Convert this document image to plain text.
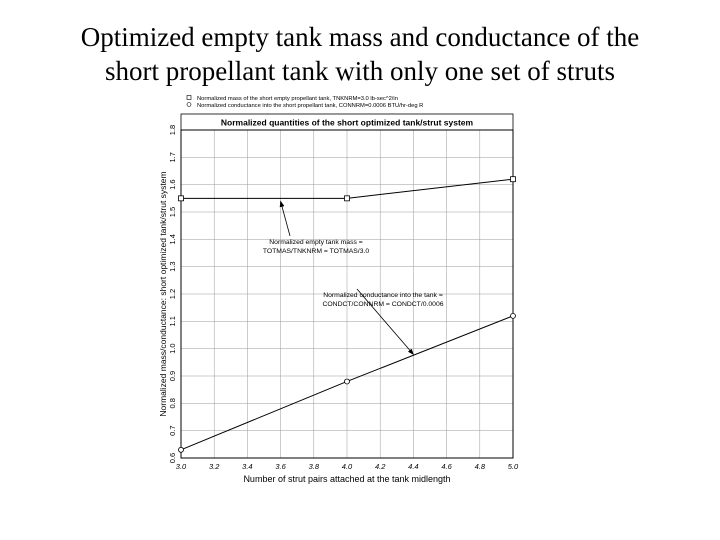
Optimized empty tank mass and conductance of the
short propellant tank with only one set of struts
Normalized mass of the short empty propellant tank, TNKNRM=3.0 lb-sec^2/in
Normalized conductance into the short propellant tank, CONNRM=0.0006 BTU/hr-deg R
Normalized quantities of the short optimized tank/strut system
0.6
0.7
0.8
0.9
1.0
1.1
1.2
1.3
1.4
1.5
1.6
1.7
1.8
3.0	3.2	3.4	3.6	3.8	4.0	4.2	4.4	4.6	4.8	5.0
Normalized empty tank mass =
TOTMAS/TNKNRM = TOTMAS/3.0
Normalized conductance into the tank =
CONDCT/CONNRM = CONDCT/0.0006
Number of strut pairs attached at the tank midlength
Normalized mass/conductance: short optimized tank/strut system
